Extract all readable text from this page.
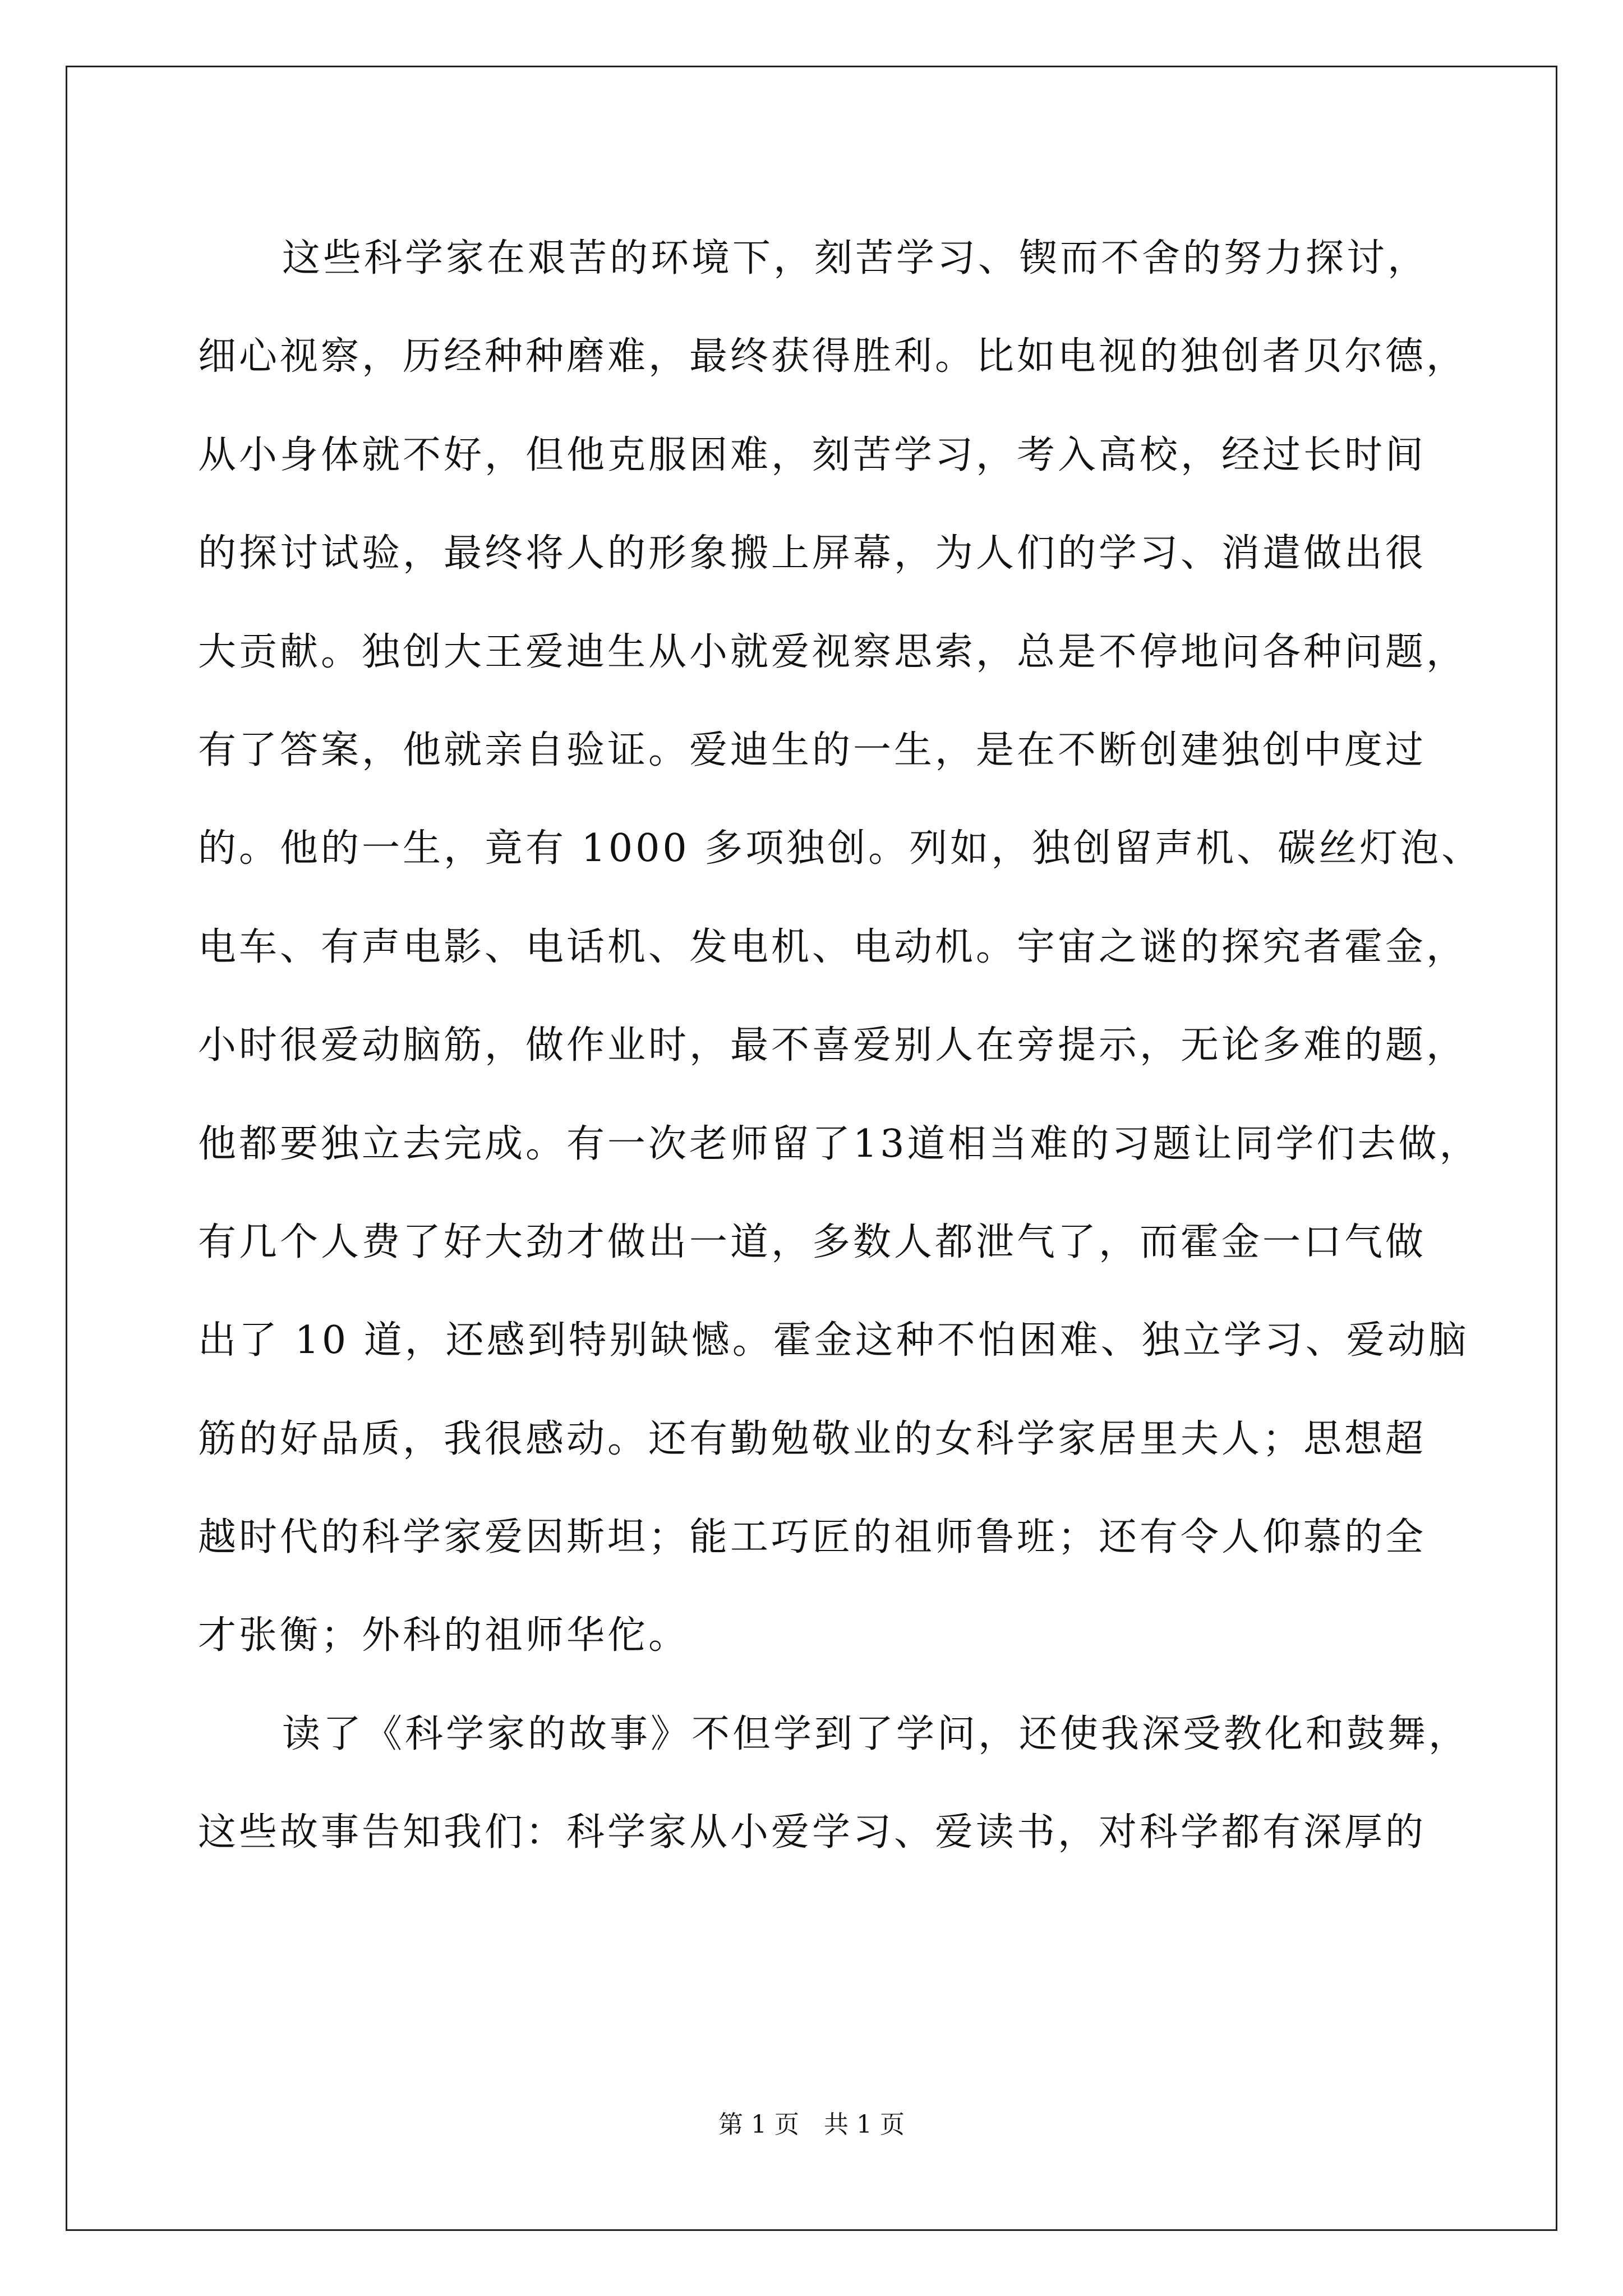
这些科学家在艰苦的环境下，刻苦学习、锲而不舍的努力探讨，
细心视察，历经种种磨难，最终获得胜利。比如电视的独创者贝尔德，
从小身体就不好，但他克服困难，刻苦学习，考入高校，经过长时间
的探讨试验，最终将人的形象搬上屏幕，为人们的学习、消遣做出很
大贡献。独创大王爱迪生从小就爱视察思索，总是不停地问各种问题，
有了答案，他就亲自验证。爱迪生的一生，是在不断创建独创中度过
的。他的一生，竟有 1000 多项独创。列如，独创留声机、碳丝灯泡、
电车、有声电影、电话机、发电机、电动机。宇宙之谜的探究者霍金，
小时很爱动脑筋，做作业时，最不喜爱别人在旁提示，无论多难的题，
他都要独立去完成。有一次老师留了13道相当难的习题让同学们去做，
有几个人费了好大劲才做出一道，多数人都泄气了，而霍金一口气做
出了 10 道，还感到特别缺憾。霍金这种不怕困难、独立学习、爱动脑
筋的好品质，我很感动。还有勤勉敬业的女科学家居里夫人；思想超
越时代的科学家爱因斯坦；能工巧匠的祖师鲁班；还有令人仰慕的全
才张衡；外科的祖师华佗。
读了《科学家的故事》不但学到了学问，还使我深受教化和鼓舞，
这些故事告知我们：科学家从小爱学习、爱读书，对科学都有深厚的
第 1 页　共 1 页
